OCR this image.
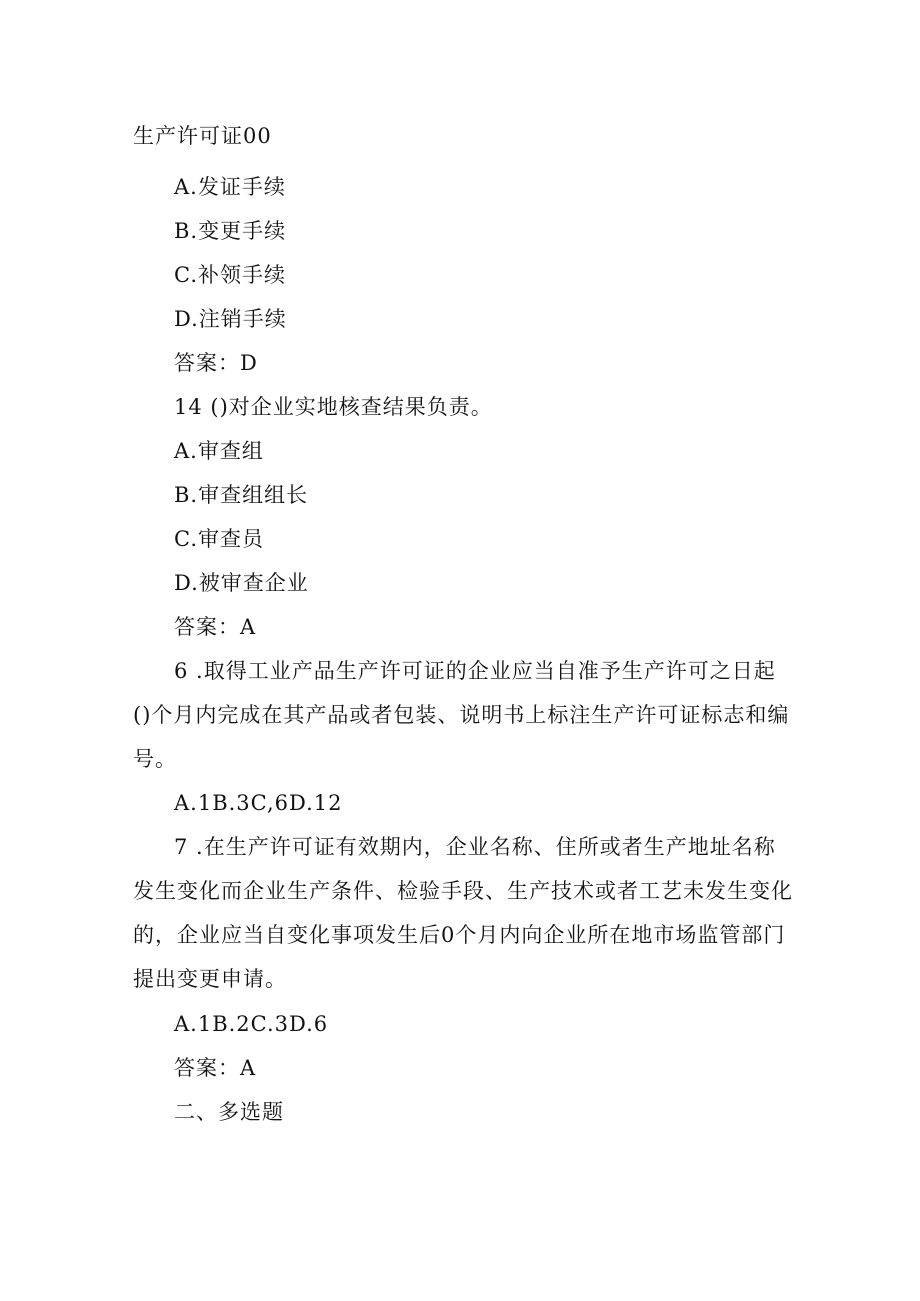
生产许可证00
A.发证手续
B.变更手续
C.补领手续
D.注销手续
答案：D
14 ()对企业实地核查结果负责。
A.审查组
B.审查组组长
C.审查员
D.被审查企业
答案：A
6 .取得工业产品生产许可证的企业应当自准予生产许可之日起()个月内完成在其产品或者包装、说明书上标注生产许可证标志和编号。
A.1B.3C,6D.12
7 .在生产许可证有效期内，企业名称、住所或者生产地址名称发生变化而企业生产条件、检验手段、生产技术或者工艺未发生变化的，企业应当自变化事项发生后0个月内向企业所在地市场监管部门提出变更申请。
A.1B.2C.3D.6
答案：A
二、多选题
